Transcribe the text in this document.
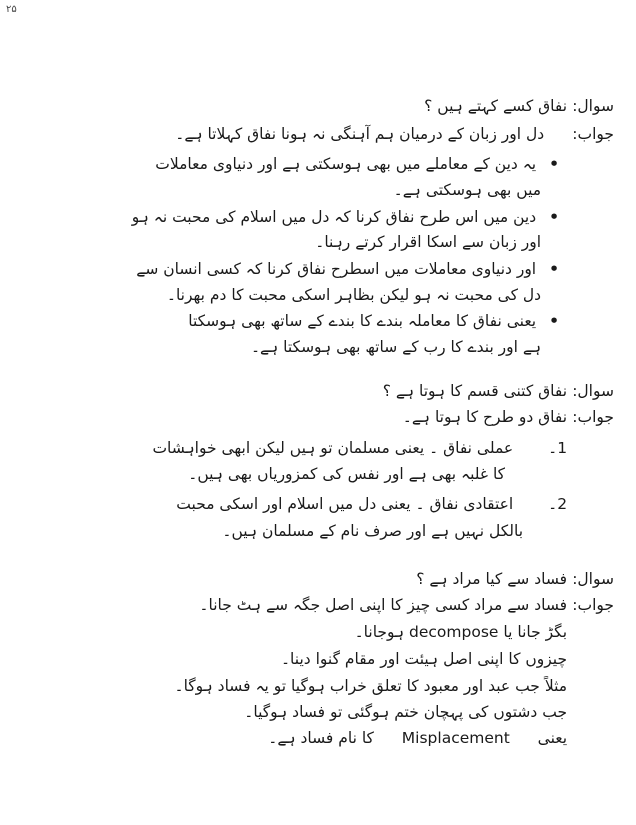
۲۵
سوال: نفاق کسے کہتے ہیں ؟
جواب:  دل اور زبان کے درمیان ہم آہنگی نہ ہونا نفاق کہلاتا ہے۔
• یہ دین کے معاملے میں بھی ہوسکتی ہے اور دنیاوی معاملات
میں بھی ہوسکتی ہے۔
• دین میں اس طرح نفاق کرنا کہ دل میں اسلام کی محبت نہ ہو
اور زبان سے اسکا اقرار کرتے رہنا۔
• اور دنیاوی معاملات میں اسطرح نفاق کرنا کہ کسی انسان سے
دل کی محبت نہ ہو لیکن بظاہر اسکی محبت کا دم بھرنا۔
• یعنی نفاق کا معاملہ بندے کا بندے کے ساتھ بھی ہوسکتا
ہے اور بندے کا رب کے ساتھ بھی ہوسکتا ہے۔
سوال: نفاق کتنی قسم کا ہوتا ہے ؟
جواب: نفاق دو طرح کا ہوتا ہے۔
1۔  عملی نفاق ۔ یعنی مسلمان تو ہیں لیکن ابھی خواہشات
کا غلبہ بھی ہے اور نفس کی کمزوریاں بھی ہیں۔
2۔  اعتقادی نفاق ۔ یعنی دل میں اسلام اور اسکی محبت
بالکل نہیں ہے اور صرف نام کے مسلمان ہیں۔
سوال: فساد سے کیا مراد ہے ؟
جواب: فساد سے مراد کسی چیز کا اپنی اصل جگہ سے ہٹ جانا۔
بگڑ جانا یا decompose ہوجانا۔
چیزوں کا اپنی اصل ہیئت اور مقام گنوا دینا۔
مثلاً جب عبد اور معبود کا تعلق خراب ہوگیا تو یہ فساد ہوگا۔
جب دشتوں کی پہچان ختم ہوگئی تو فساد ہوگیا۔
یعنی  Misplacement  کا نام فساد ہے۔
